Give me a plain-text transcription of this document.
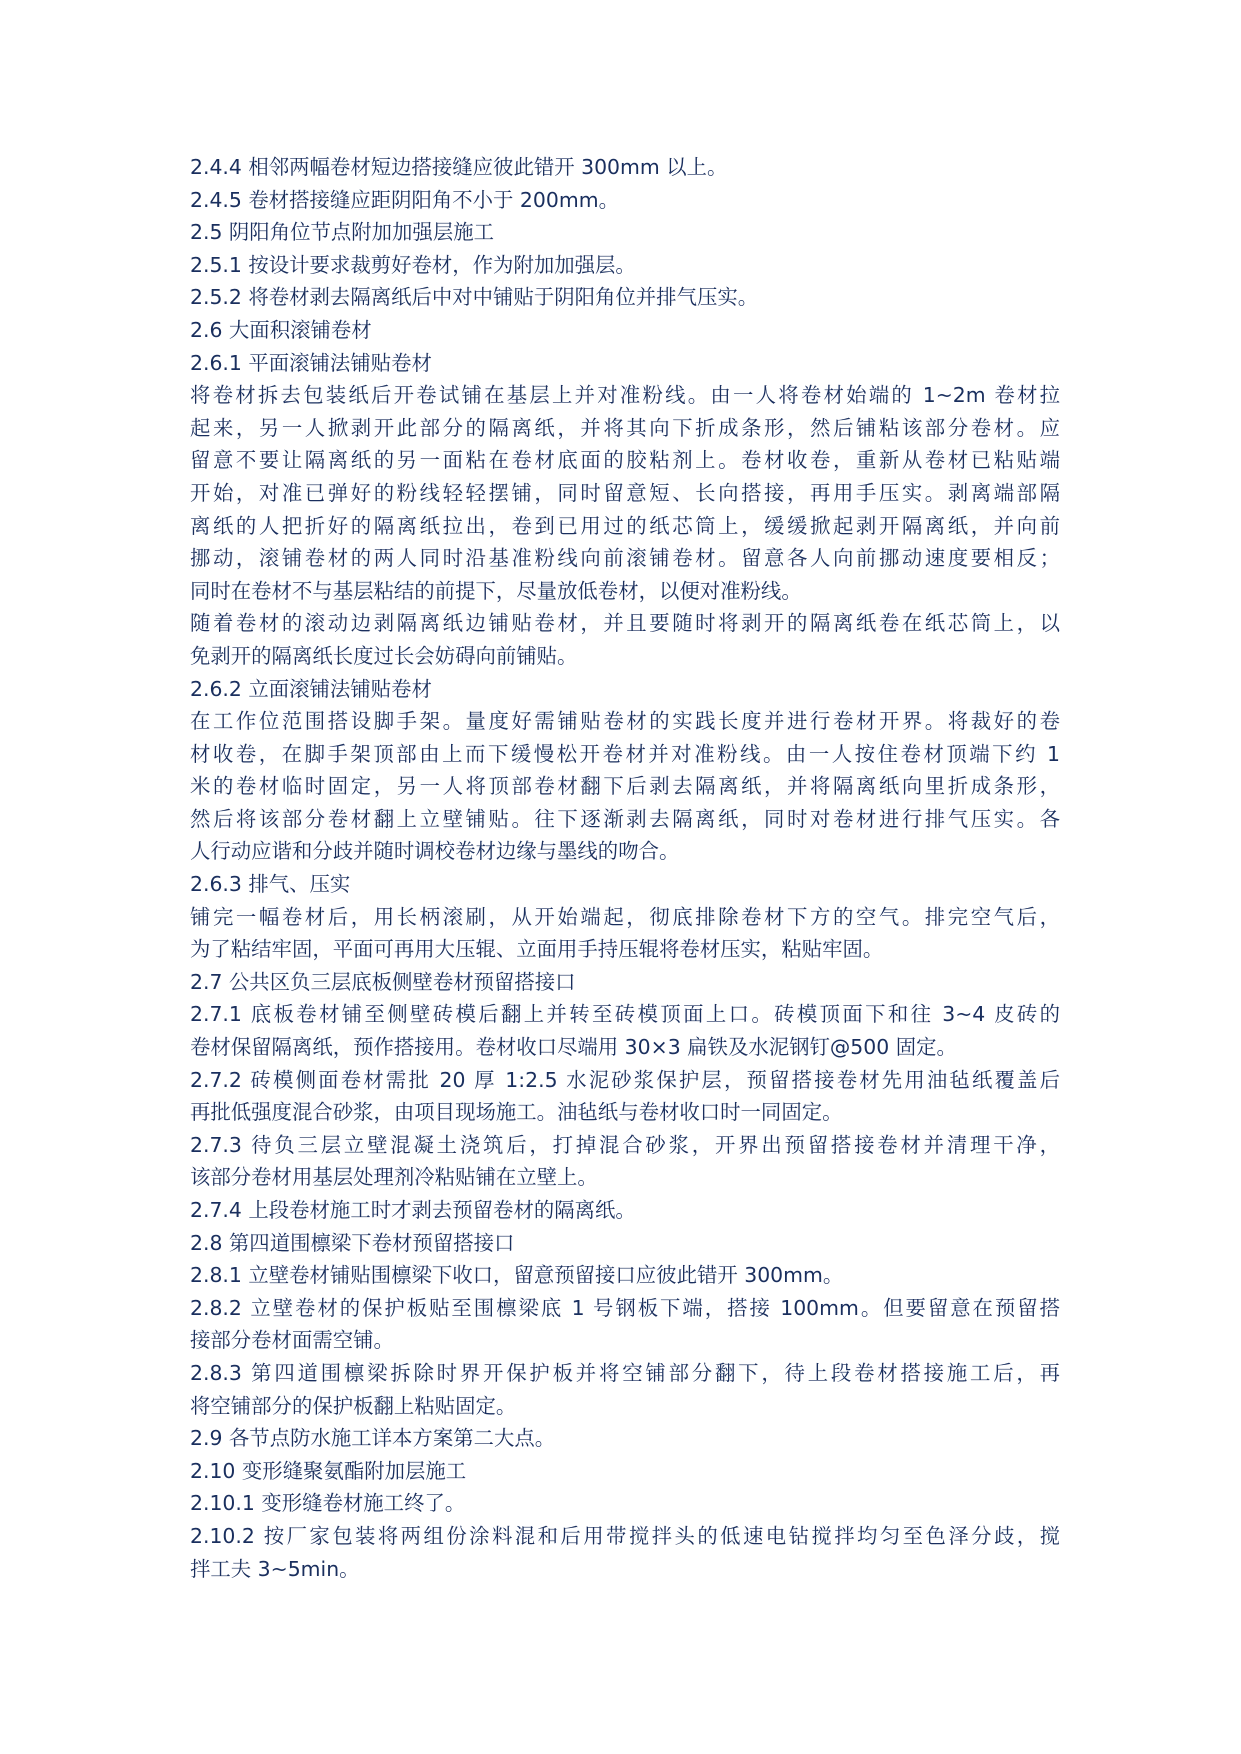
2.4.4 相邻两幅卷材短边搭接缝应彼此错开 300mm 以上。
2.4.5 卷材搭接缝应距阴阳角不小于 200mm。
2.5 阴阳角位节点附加加强层施工
2.5.1 按设计要求裁剪好卷材，作为附加加强层。
2.5.2 将卷材剥去隔离纸后中对中铺贴于阴阳角位并排气压实。
2.6 大面积滚铺卷材
2.6.1 平面滚铺法铺贴卷材
将卷材拆去包装纸后开卷试铺在基层上并对准粉线。由一人将卷材始端的 1~2m 卷材拉
起来，另一人掀剥开此部分的隔离纸，并将其向下折成条形，然后铺粘该部分卷材。应
留意不要让隔离纸的另一面粘在卷材底面的胶粘剂上。卷材收卷，重新从卷材已粘贴端
开始，对准已弹好的粉线轻轻摆铺，同时留意短、长向搭接，再用手压实。剥离端部隔
离纸的人把折好的隔离纸拉出，卷到已用过的纸芯筒上，缓缓掀起剥开隔离纸，并向前
挪动，滚铺卷材的两人同时沿基准粉线向前滚铺卷材。留意各人向前挪动速度要相反；
同时在卷材不与基层粘结的前提下，尽量放低卷材，以便对准粉线。
随着卷材的滚动边剥隔离纸边铺贴卷材，并且要随时将剥开的隔离纸卷在纸芯筒上，以
免剥开的隔离纸长度过长会妨碍向前铺贴。
2.6.2 立面滚铺法铺贴卷材
在工作位范围搭设脚手架。量度好需铺贴卷材的实践长度并进行卷材开界。将裁好的卷
材收卷，在脚手架顶部由上而下缓慢松开卷材并对准粉线。由一人按住卷材顶端下约 1
米的卷材临时固定，另一人将顶部卷材翻下后剥去隔离纸，并将隔离纸向里折成条形，
然后将该部分卷材翻上立壁铺贴。往下逐渐剥去隔离纸，同时对卷材进行排气压实。各
人行动应谐和分歧并随时调校卷材边缘与墨线的吻合。
2.6.3 排气、压实
铺完一幅卷材后，用长柄滚刷，从开始端起，彻底排除卷材下方的空气。排完空气后，
为了粘结牢固，平面可再用大压辊、立面用手持压辊将卷材压实，粘贴牢固。
2.7 公共区负三层底板侧壁卷材预留搭接口
2.7.1 底板卷材铺至侧壁砖模后翻上并转至砖模顶面上口。砖模顶面下和往 3~4 皮砖的
卷材保留隔离纸，预作搭接用。卷材收口尽端用 30×3 扁铁及水泥钢钉@500 固定。
2.7.2 砖模侧面卷材需批 20 厚 1:2.5 水泥砂浆保护层，预留搭接卷材先用油毡纸覆盖后
再批低强度混合砂浆，由项目现场施工。油毡纸与卷材收口时一同固定。
2.7.3 待负三层立壁混凝土浇筑后，打掉混合砂浆，开界出预留搭接卷材并清理干净，
该部分卷材用基层处理剂冷粘贴铺在立壁上。
2.7.4 上段卷材施工时才剥去预留卷材的隔离纸。
2.8 第四道围檩梁下卷材预留搭接口
2.8.1 立壁卷材铺贴围檩梁下收口，留意预留接口应彼此错开 300mm。
2.8.2 立壁卷材的保护板贴至围檩梁底 1 号钢板下端，搭接 100mm。但要留意在预留搭
接部分卷材面需空铺。
2.8.3 第四道围檩梁拆除时界开保护板并将空铺部分翻下，待上段卷材搭接施工后，再
将空铺部分的保护板翻上粘贴固定。
2.9 各节点防水施工详本方案第二大点。
2.10 变形缝聚氨酯附加层施工
2.10.1 变形缝卷材施工终了。
2.10.2 按厂家包装将两组份涂料混和后用带搅拌头的低速电钻搅拌均匀至色泽分歧，搅
拌工夫 3~5min。
